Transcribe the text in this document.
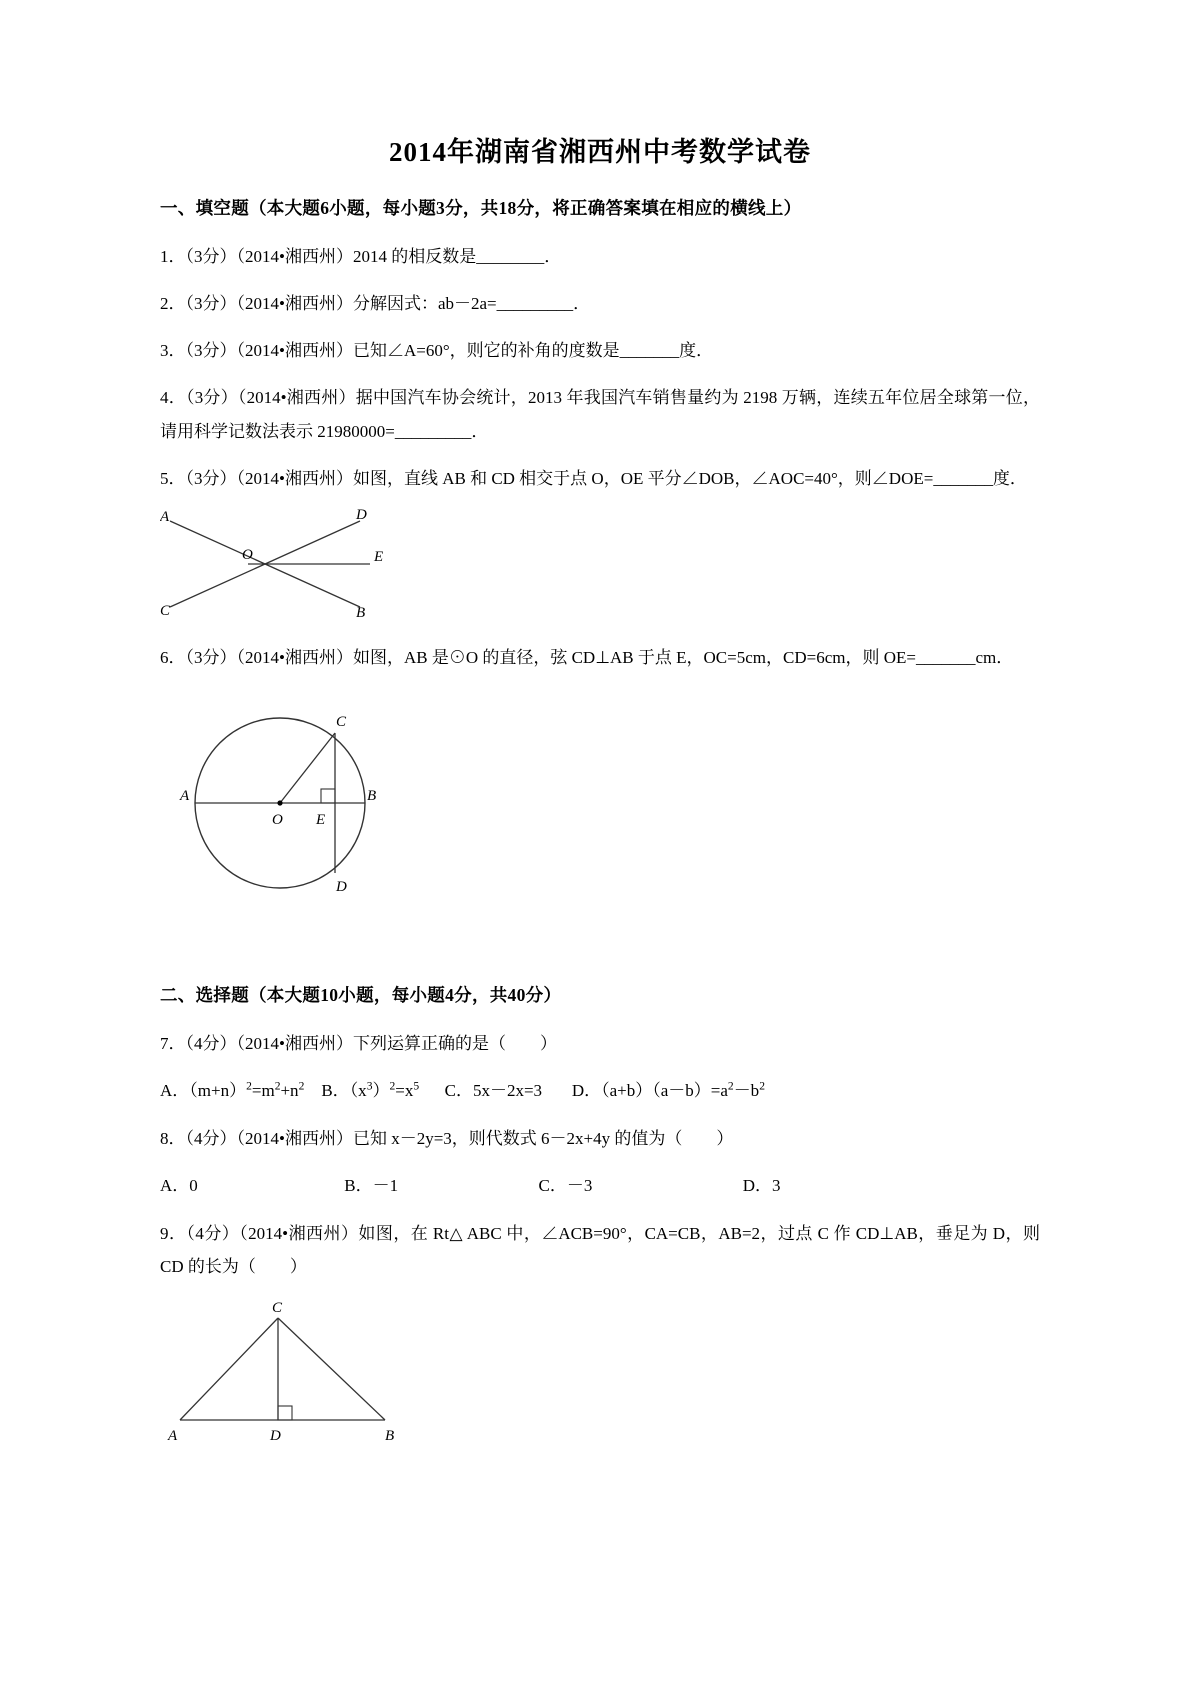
2014年湖南省湘西州中考数学试卷
一、填空题（本大题6小题，每小题3分，共18分，将正确答案填在相应的横线上）

1．（3分）（2014•湘西州）2014 的相反数是________．

2．（3分）（2014•湘西州）分解因式：ab－2a=_________．

3．（3分）（2014•湘西州）已知∠A=60°，则它的补角的度数是_______度．

4．（3分）（2014•湘西州）据中国汽车协会统计，2013 年我国汽车销售量约为 2198 万辆，连续五年位居全球第一位，请用科学记数法表示 21980000=_________．

5．（3分）（2014•湘西州）如图，直线 AB 和 CD 相交于点 O，OE 平分∠DOB，∠AOC=40°，则∠DOE=_______度．

A	D
C	B
E
O

6．（3分）（2014•湘西州）如图，AB 是⊙O 的直径，弦 CD⊥AB 于点 E，OC=5cm，CD=6cm，则 OE=_______cm．

A	B
C
D
O E
二、选择题（本大题10小题，每小题4分，共40分）

7．（4分）（2014•湘西州）下列运算正确的是（　　）

A．$(m+n)^2=m^2+n^2$ B．$(x^3)^2=x^5$ C．5x－2x=3 D．$(a+b)(a-b)=a^2-b^2$

8．（4分）（2014•湘西州）已知 x－2y=3，则代数式 6－2x+4y 的值为（　　）

A．0	B．－1	C．－3	D．3

9．（4分）（2014•湘西州）如图，在 Rt△ ABC 中，∠ACB=90°，CA=CB，AB=2，过点 C 作 CD⊥AB，垂足为 D，则 CD 的长为（　　）

A	B
C
D
